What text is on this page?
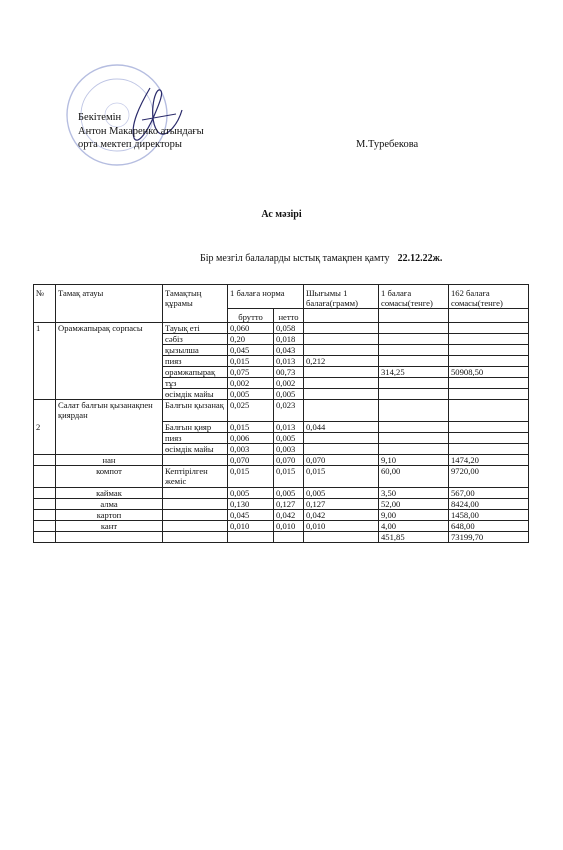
Бекітемін
Антон Макаренко атындағы
орта мектеп директоры	М.Туребекова
Ас мәзірі
Бір мезгіл балаларды ыстық тамақпен қамту 22.12.22ж.
№	Тамақ атауы	Тамақтың құрамы	1 балаға норма		Шығымы 1 балаға(грамм)	1 балаға сомасы(тенге)	162 балаға сомасы(тенге)
			брутто	нетто			
1	Орамжапырақ сорпасы	Тауық еті	0,060	0,058			
		сәбіз	0,20	0,018			
		қызылша	0,045	0,043			
		пияз	0,015	0,013	0,212		
		орамжапырақ	0,075	00,73		314,25	50908,50
		тұз	0,002	0,002			
		өсімдік майы	0,005	0,005			
2	Салат балғын қызанақпен қиярдан	Балғын қызанақ	0,025	0,023			
		Балғын қияр	0,015	0,013	0,044		
		пияз	0,006	0,005			
		өсімдік майы	0,003	0,003			
	нан		0,070	0,070	0,070	9,10	1474,20
	компот	Кептірілген жеміс	0,015	0,015	0,015	60,00	9720,00
	каймак		0,005	0,005	0,005	3,50	567,00
	алма		0,130	0,127	0,127	52,00	8424,00
	картоп		0,045	0,042	0,042	9,00	1458,00
	кант		0,010	0,010	0,010	4,00	648,00
						451,85	73199,70
